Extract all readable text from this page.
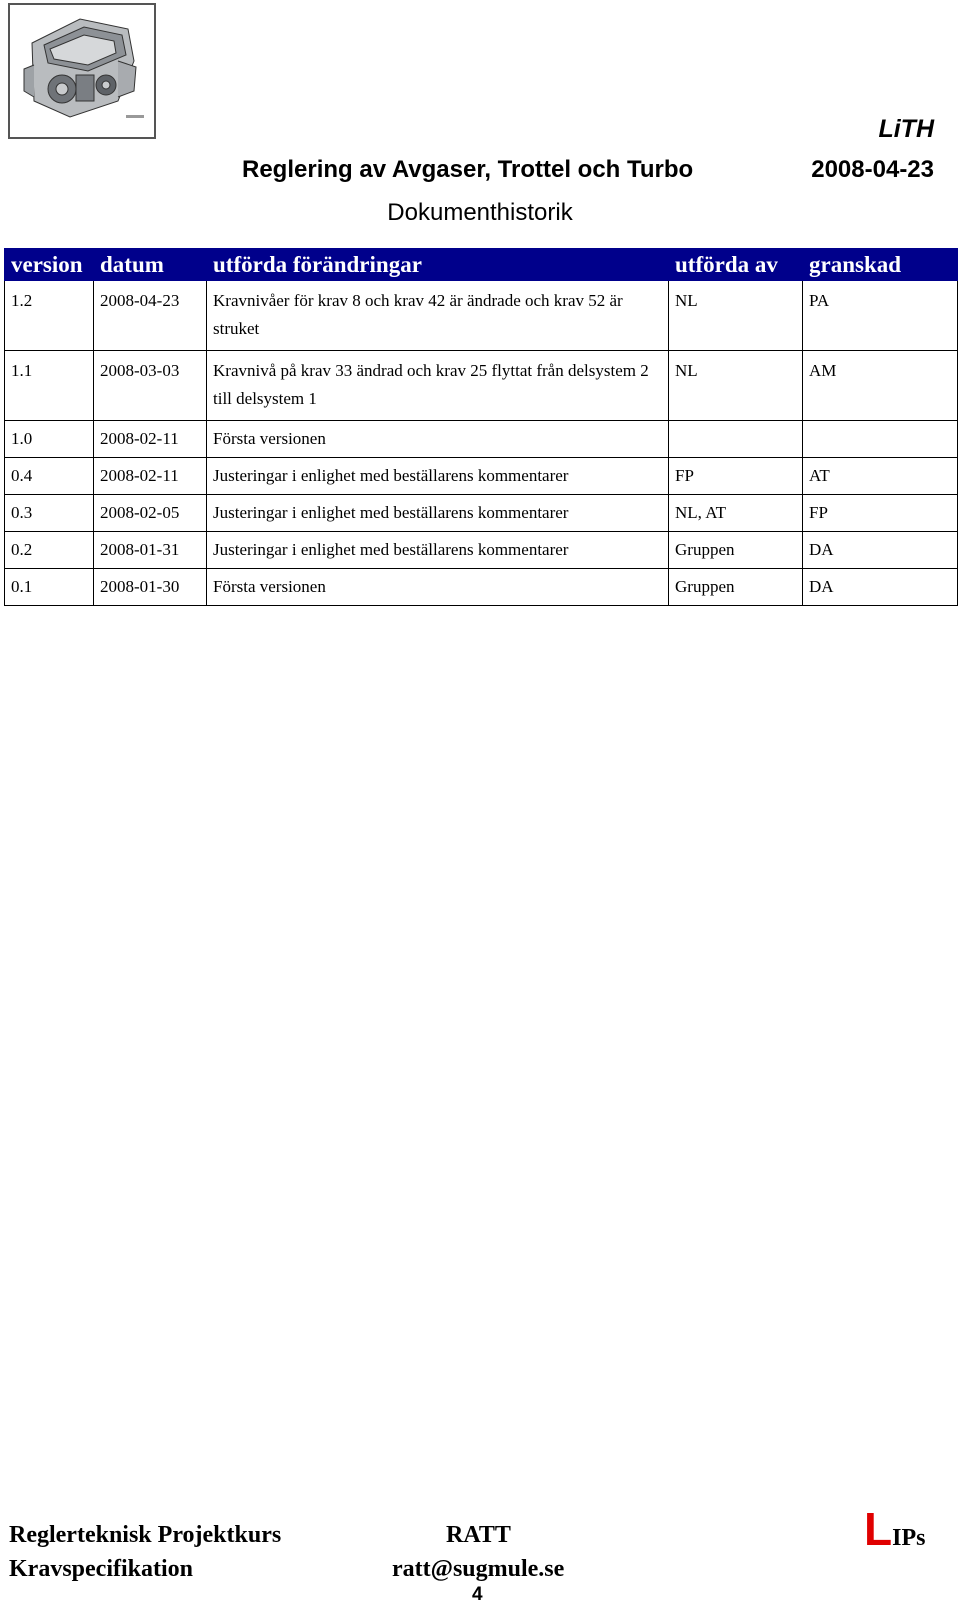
LiTH
Reglering av Avgaser, Trottel och Turbo	2008-04-23
Dokumenthistorik
version	datum	utförda förändringar	utförda av	granskad
1.2	2008-04-23	Kravnivåer för krav 8 och krav 42 är ändrade och krav 52 är struket	NL	PA
1.1	2008-03-03	Kravnivå på krav 33 ändrad och krav 25 flyttat från delsystem 2 till delsystem 1	NL	AM
1.0	2008-02-11	Första versionen		
0.4	2008-02-11	Justeringar i enlighet med beställarens kommentarer	FP	AT
0.3	2008-02-05	Justeringar i enlighet med beställarens kommentarer	NL, AT	FP
0.2	2008-01-31	Justeringar i enlighet med beställarens kommentarer	Gruppen	DA
0.1	2008-01-30	Första versionen	Gruppen	DA
Reglerteknisk Projektkurs
Kravspecifikation
RATT
ratt@sugmule.se
4
LIPs
